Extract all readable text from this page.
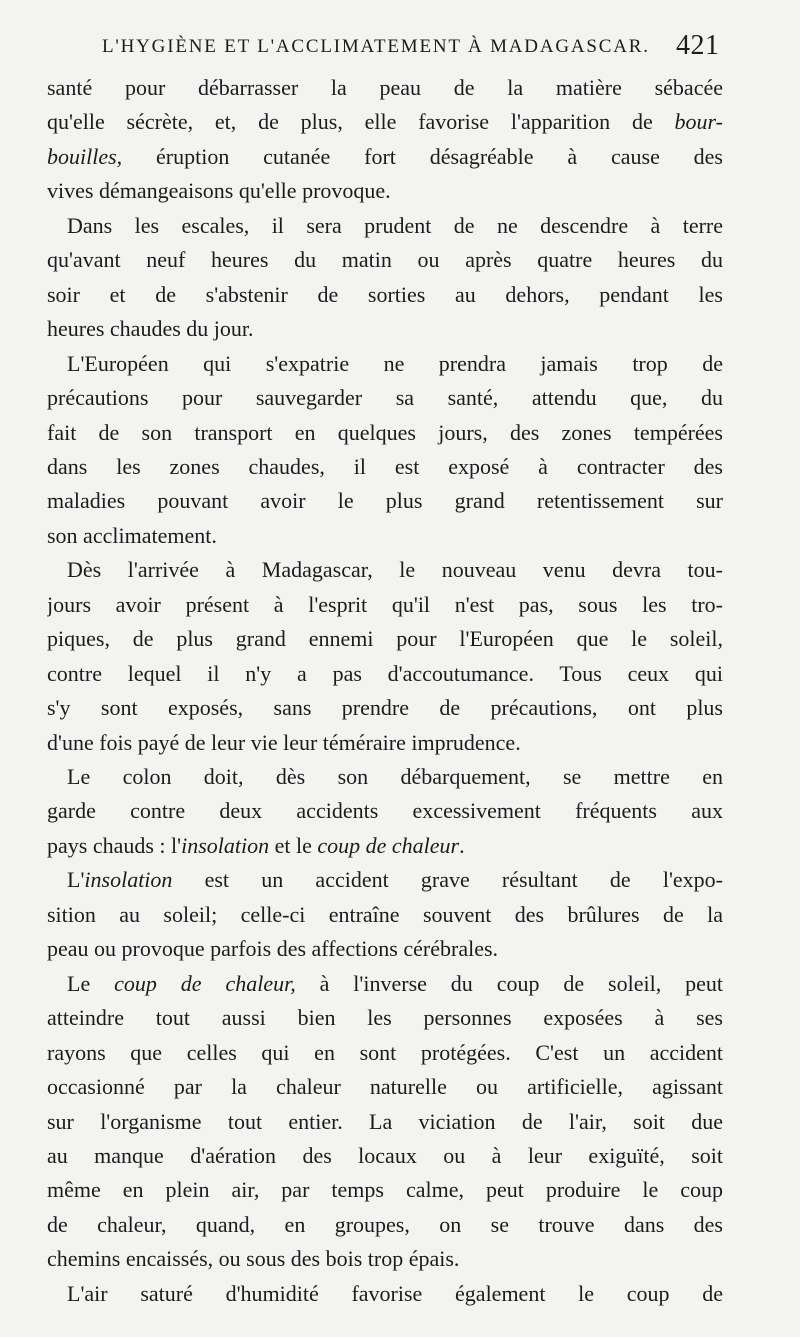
L'HYGIÈNE ET L'ACCLIMATEMENT À MADAGASCAR. 421
santé pour débarrasser la peau de la matière sébacée
qu'elle sécrète, et, de plus, elle favorise l'apparition de bour-
bouilles, éruption cutanée fort désagréable à cause des
vives démangeaisons qu'elle provoque.
Dans les escales, il sera prudent de ne descendre à terre
qu'avant neuf heures du matin ou après quatre heures du
soir et de s'abstenir de sorties au dehors, pendant les
heures chaudes du jour.
L'Européen qui s'expatrie ne prendra jamais trop de
précautions pour sauvegarder sa santé, attendu que, du
fait de son transport en quelques jours, des zones tempérées
dans les zones chaudes, il est exposé à contracter des
maladies pouvant avoir le plus grand retentissement sur
son acclimatement.
Dès l'arrivée à Madagascar, le nouveau venu devra tou-
jours avoir présent à l'esprit qu'il n'est pas, sous les tro-
piques, de plus grand ennemi pour l'Européen que le soleil,
contre lequel il n'y a pas d'accoutumance. Tous ceux qui
s'y sont exposés, sans prendre de précautions, ont plus
d'une fois payé de leur vie leur téméraire imprudence.
Le colon doit, dès son débarquement, se mettre en
garde contre deux accidents excessivement fréquents aux
pays chauds : l'insolation et le coup de chaleur.
L'insolation est un accident grave résultant de l'expo-
sition au soleil; celle-ci entraîne souvent des brûlures de la
peau ou provoque parfois des affections cérébrales.
Le coup de chaleur, à l'inverse du coup de soleil, peut
atteindre tout aussi bien les personnes exposées à ses
rayons que celles qui en sont protégées. C'est un accident
occasionné par la chaleur naturelle ou artificielle, agissant
sur l'organisme tout entier. La viciation de l'air, soit due
au manque d'aération des locaux ou à leur exiguïté, soit
même en plein air, par temps calme, peut produire le coup
de chaleur, quand, en groupes, on se trouve dans des
chemins encaissés, ou sous des bois trop épais.
L'air saturé d'humidité favorise également le coup de
